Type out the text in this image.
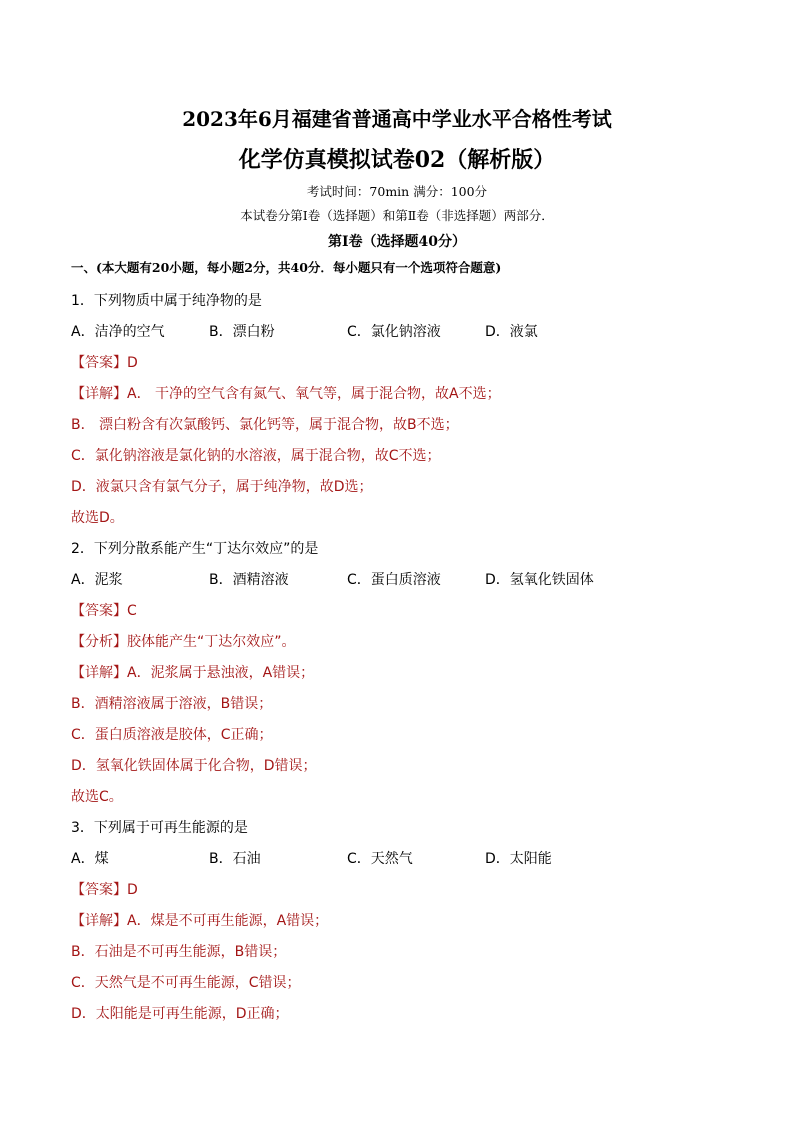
2023年6月福建省普通高中学业水平合格性考试
化学仿真模拟试卷02（解析版）
考试时间：70min 满分：100分
本试卷分第Ⅰ卷（选择题）和第Ⅱ卷（非选择题）两部分．
第Ⅰ卷（选择题40分）
一、(本大题有20小题，每小题2分，共40分．每小题只有一个选项符合题意)
1．下列物质中属于纯净物的是
A．洁净的空气	B．漂白粉	C．氯化钠溶液	D．液氯
【答案】D
【详解】A． 干净的空气含有氮气、氧气等，属于混合物，故A不选；
B． 漂白粉含有次氯酸钙、氯化钙等，属于混合物，故B不选；
C．氯化钠溶液是氯化钠的水溶液，属于混合物，故C不选；
D．液氯只含有氯气分子，属于纯净物，故D选；
故选D。
2．下列分散系能产生“丁达尔效应”的是
A．泥浆	B．酒精溶液	C．蛋白质溶液	D．氢氧化铁固体
【答案】C
【分析】胶体能产生“丁达尔效应”。
【详解】A．泥浆属于悬浊液，A错误；
B．酒精溶液属于溶液，B错误；
C．蛋白质溶液是胶体，C正确；
D．氢氧化铁固体属于化合物，D错误；
故选C。
3．下列属于可再生能源的是
A．煤	B．石油	C．天然气	D．太阳能
【答案】D
【详解】A．煤是不可再生能源，A错误；
B．石油是不可再生能源，B错误；
C．天然气是不可再生能源，C错误；
D．太阳能是可再生能源，D正确；
